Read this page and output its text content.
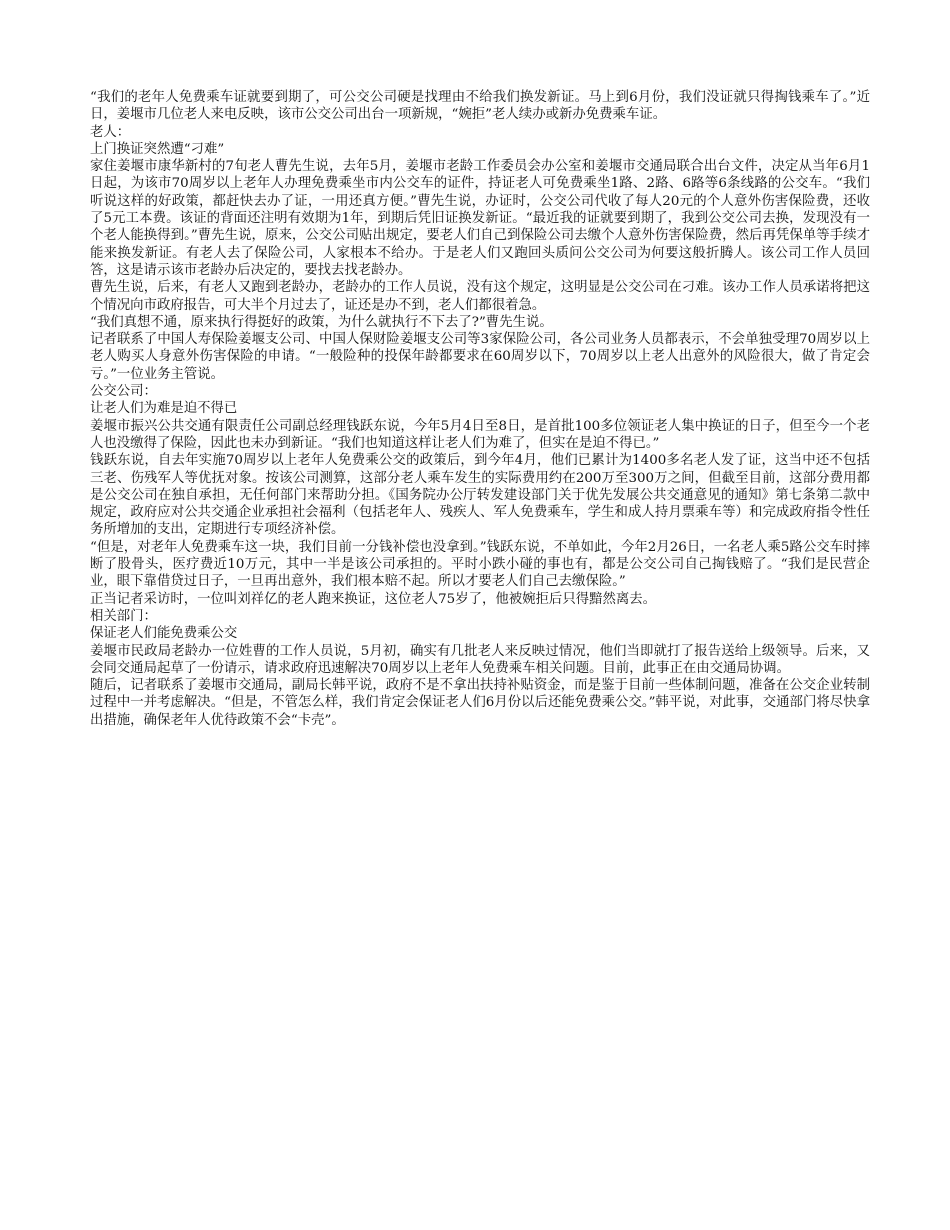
“我们的老年人免费乘车证就要到期了，可公交公司硬是找理由不给我们换发新证。马上到6月份，我们没证就只得掏钱乘车了。”近日，姜堰市几位老人来电反映，该市公交公司出台一项新规，“婉拒”老人续办或新办免费乘车证。

老人：

上门换证突然遭“刁难”

家住姜堰市康华新村的7旬老人曹先生说，去年5月，姜堰市老龄工作委员会办公室和姜堰市交通局联合出台文件，决定从当年6月1日起，为该市70周岁以上老年人办理免费乘坐市内公交车的证件，持证老人可免费乘坐1路、2路、6路等6条线路的公交车。“我们听说这样的好政策，都赶快去办了证，一用还真方便。”曹先生说，办证时，公交公司代收了每人20元的个人意外伤害保险费，还收了5元工本费。该证的背面还注明有效期为1年，到期后凭旧证换发新证。“最近我的证就要到期了，我到公交公司去换，发现没有一个老人能换得到。”曹先生说，原来，公交公司贴出规定，要老人们自己到保险公司去缴个人意外伤害保险费，然后再凭保单等手续才能来换发新证。有老人去了保险公司，人家根本不给办。于是老人们又跑回头质问公交公司为何要这般折腾人。该公司工作人员回答，这是请示该市老龄办后决定的，要找去找老龄办。

曹先生说，后来，有老人又跑到老龄办，老龄办的工作人员说，没有这个规定，这明显是公交公司在刁难。该办工作人员承诺将把这个情况向市政府报告，可大半个月过去了，证还是办不到，老人们都很着急。

“我们真想不通，原来执行得挺好的政策，为什么就执行不下去了?”曹先生说。

记者联系了中国人寿保险姜堰支公司、中国人保财险姜堰支公司等3家保险公司，各公司业务人员都表示，不会单独受理70周岁以上老人购买人身意外伤害保险的申请。“一般险种的投保年龄都要求在60周岁以下，70周岁以上老人出意外的风险很大，做了肯定会亏。”一位业务主管说。

公交公司：

让老人们为难是迫不得已

姜堰市振兴公共交通有限责任公司副总经理钱跃东说，今年5月4日至8日，是首批100多位领证老人集中换证的日子，但至今一个老人也没缴得了保险，因此也未办到新证。“我们也知道这样让老人们为难了，但实在是迫不得已。”

钱跃东说，自去年实施70周岁以上老年人免费乘公交的政策后，到今年4月，他们已累计为1400多名老人发了证，这当中还不包括三老、伤残军人等优抚对象。按该公司测算，这部分老人乘车发生的实际费用约在200万至300万之间，但截至目前，这部分费用都是公交公司在独自承担，无任何部门来帮助分担。《国务院办公厅转发建设部门关于优先发展公共交通意见的通知》第七条第二款中规定，政府应对公共交通企业承担社会福利（包括老年人、残疾人、军人免费乘车，学生和成人持月票乘车等）和完成政府指令性任务所增加的支出，定期进行专项经济补偿。

“但是，对老年人免费乘车这一块，我们目前一分钱补偿也没拿到。”钱跃东说，不单如此，今年2月26日，一名老人乘5路公交车时摔断了股骨头，医疗费近10万元，其中一半是该公司承担的。平时小跌小碰的事也有，都是公交公司自己掏钱赔了。“我们是民营企业，眼下靠借贷过日子，一旦再出意外，我们根本赔不起。所以才要老人们自己去缴保险。”

正当记者采访时，一位叫刘祥亿的老人跑来换证，这位老人75岁了，他被婉拒后只得黯然离去。

相关部门：

保证老人们能免费乘公交

姜堰市民政局老龄办一位姓曹的工作人员说，5月初，确实有几批老人来反映过情况，他们当即就打了报告送给上级领导。后来，又会同交通局起草了一份请示，请求政府迅速解决70周岁以上老年人免费乘车相关问题。目前，此事正在由交通局协调。

随后，记者联系了姜堰市交通局，副局长韩平说，政府不是不拿出扶持补贴资金，而是鉴于目前一些体制问题，准备在公交企业转制过程中一并考虑解决。“但是，不管怎么样，我们肯定会保证老人们6月份以后还能免费乘公交。”韩平说，对此事，交通部门将尽快拿出措施，确保老年人优待政策不会“卡壳”。
